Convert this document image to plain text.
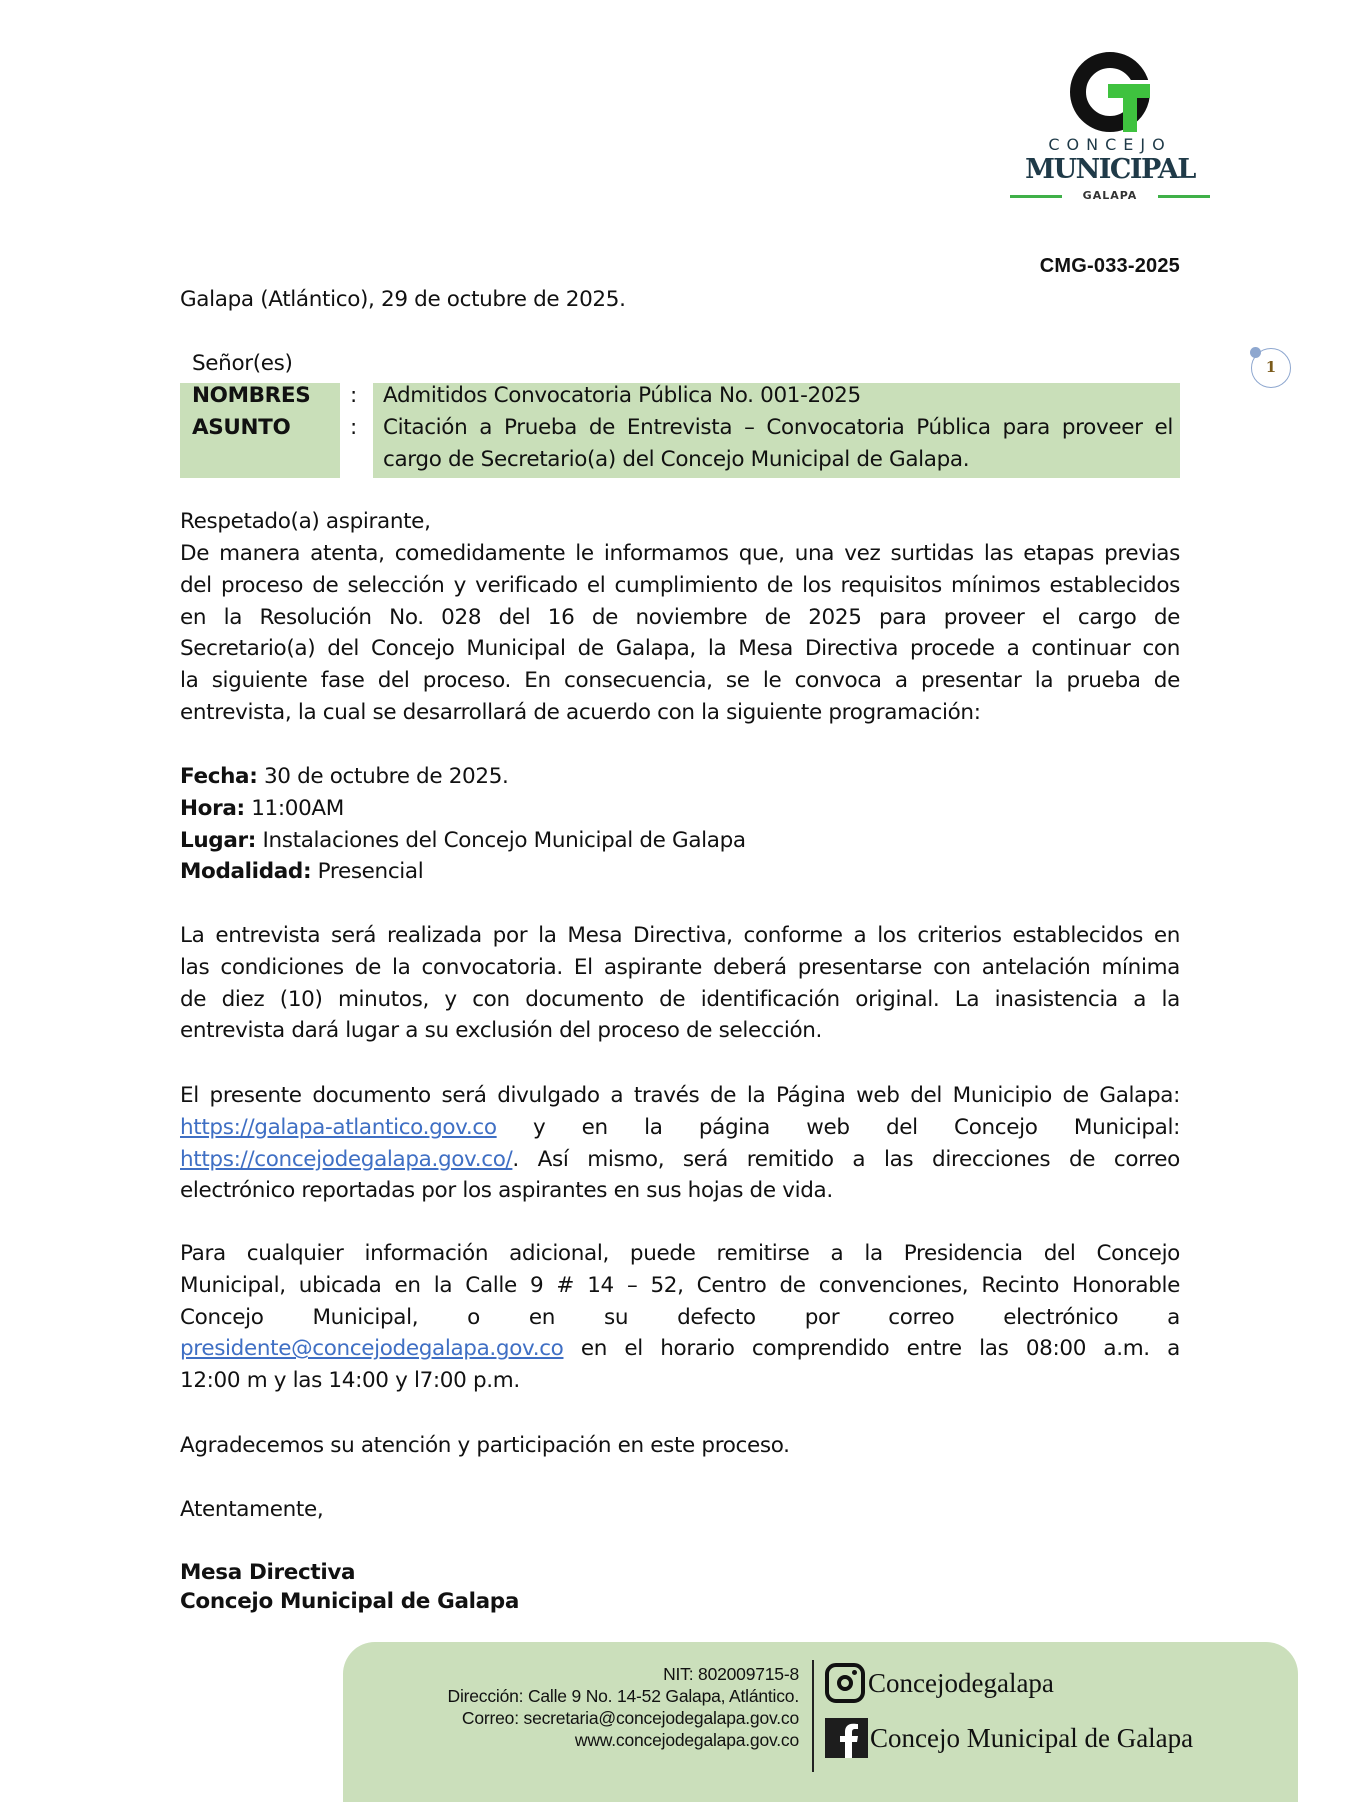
CONCEJO
MUNICIPAL
GALAPA
CMG-033-2025
Galapa (Atlántico), 29 de octubre de 2025.
1
Señor(es)
NOMBRES : Admitidos Convocatoria Pública No. 001-2025
ASUNTO	: Citación a Prueba de Entrevista – Convocatoria Pública para proveer el cargo de Secretario(a) del Concejo Municipal de Galapa.
Respetado(a) aspirante,
De manera atenta, comedidamente le informamos que, una vez surtidas las etapas previas
del proceso de selección y verificado el cumplimiento de los requisitos mínimos establecidos
en la Resolución No. 028 del 16 de noviembre de 2025 para proveer el cargo de
Secretario(a) del Concejo Municipal de Galapa, la Mesa Directiva procede a continuar con
la siguiente fase del proceso. En consecuencia, se le convoca a presentar la prueba de
entrevista, la cual se desarrollará de acuerdo con la siguiente programación:
Fecha: 30 de octubre de 2025.
Hora: 11:00AM
Lugar: Instalaciones del Concejo Municipal de Galapa
Modalidad: Presencial
La entrevista será realizada por la Mesa Directiva, conforme a los criterios establecidos en
las condiciones de la convocatoria. El aspirante deberá presentarse con antelación mínima
de diez (10) minutos, y con documento de identificación original. La inasistencia a la
entrevista dará lugar a su exclusión del proceso de selección.
El presente documento será divulgado a través de la Página web del Municipio de Galapa:
https://galapa-atlantico.gov.co y en la página web del Concejo Municipal:
https://concejodegalapa.gov.co/. Así mismo, será remitido a las direcciones de correo
electrónico reportadas por los aspirantes en sus hojas de vida.
Para cualquier información adicional, puede remitirse a la Presidencia del Concejo
Municipal, ubicada en la Calle 9 # 14 – 52, Centro de convenciones, Recinto Honorable
Concejo Municipal, o en su defecto por correo electrónico a
presidente@concejodegalapa.gov.co en el horario comprendido entre las 08:00 a.m. a
12:00 m y las 14:00 y l7:00 p.m.
Agradecemos su atención y participación en este proceso.
Atentamente,
Mesa Directiva
Concejo Municipal de Galapa
NIT: 802009715-8
Dirección: Calle 9 No. 14-52 Galapa, Atlántico.
Correo: secretaria@concejodegalapa.gov.co
www.concejodegalapa.gov.co
Concejodegalapa
Concejo Municipal de Galapa
